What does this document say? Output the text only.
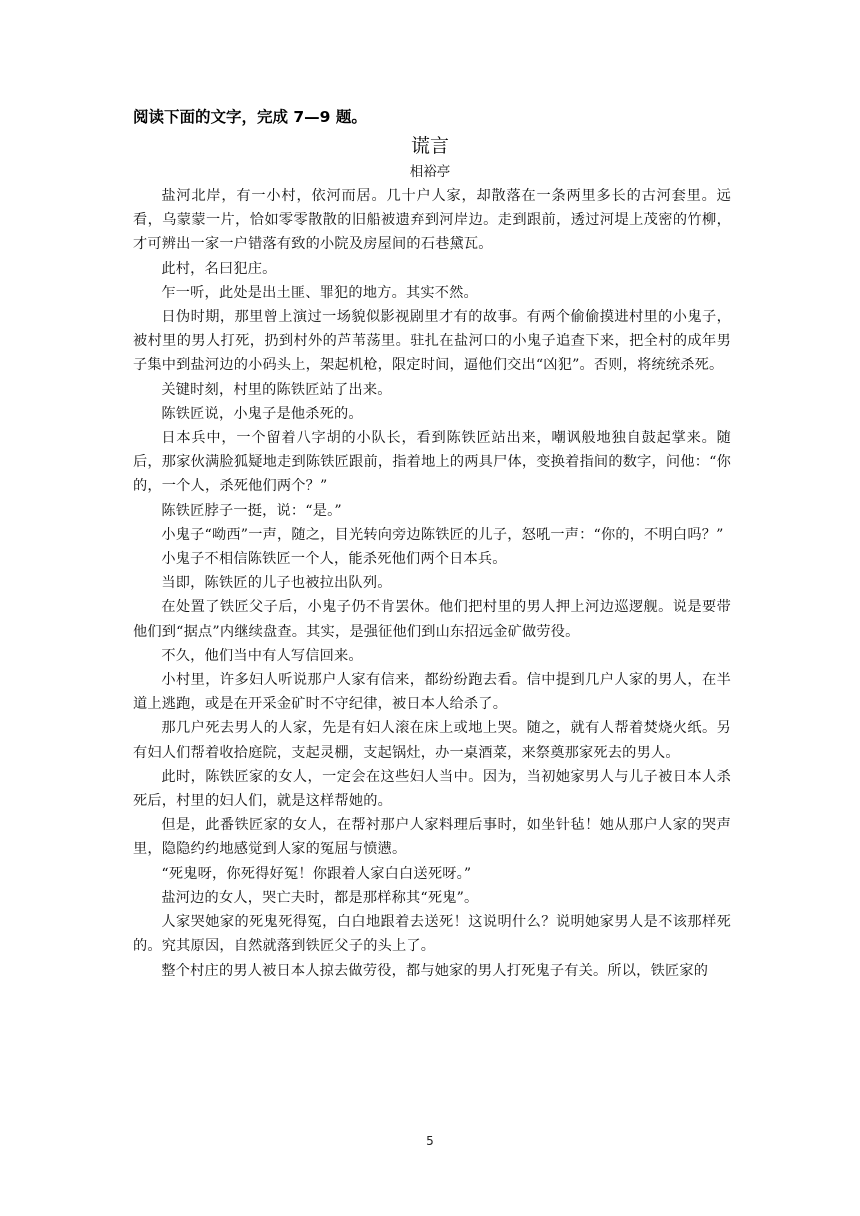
阅读下面的文字，完成 7—9 题。
谎言
相裕亭

盐河北岸，有一小村，依河而居。几十户人家，却散落在一条两里多长的古河套里。远看，乌蒙蒙一片，恰如零零散散的旧船被遗弃到河岸边。走到跟前，透过河堤上茂密的竹柳，才可辨出一家一户错落有致的小院及房屋间的石巷黛瓦。

此村，名曰犯庄。

乍一听，此处是出土匪、罪犯的地方。其实不然。

日伪时期，那里曾上演过一场貌似影视剧里才有的故事。有两个偷偷摸进村里的小鬼子，被村里的男人打死，扔到村外的芦苇荡里。驻扎在盐河口的小鬼子追查下来，把全村的成年男子集中到盐河边的小码头上，架起机枪，限定时间，逼他们交出“凶犯”。否则，将统统杀死。

关键时刻，村里的陈铁匠站了出来。

陈铁匠说，小鬼子是他杀死的。

日本兵中，一个留着八字胡的小队长，看到陈铁匠站出来，嘲讽般地独自鼓起掌来。随后，那家伙满脸狐疑地走到陈铁匠跟前，指着地上的两具尸体，变换着指间的数字，问他：“你的，一个人，杀死他们两个？”

陈铁匠脖子一挺，说：“是。”

小鬼子“呦西”一声，随之，目光转向旁边陈铁匠的儿子，怒吼一声：“你的，不明白吗？”

小鬼子不相信陈铁匠一个人，能杀死他们两个日本兵。

当即，陈铁匠的儿子也被拉出队列。

在处置了铁匠父子后，小鬼子仍不肯罢休。他们把村里的男人押上河边巡逻舰。说是要带他们到“据点”内继续盘查。其实，是强征他们到山东招远金矿做劳役。

不久，他们当中有人写信回来。

小村里，许多妇人听说那户人家有信来，都纷纷跑去看。信中提到几户人家的男人，在半道上逃跑，或是在开采金矿时不守纪律，被日本人给杀了。

那几户死去男人的人家，先是有妇人滚在床上或地上哭。随之，就有人帮着焚烧火纸。另有妇人们帮着收拾庭院，支起灵棚，支起锅灶，办一桌酒菜，来祭奠那家死去的男人。

此时，陈铁匠家的女人，一定会在这些妇人当中。因为，当初她家男人与儿子被日本人杀死后，村里的妇人们，就是这样帮她的。

但是，此番铁匠家的女人，在帮衬那户人家料理后事时，如坐针毡！她从那户人家的哭声里，隐隐约约地感觉到人家的冤屈与愤懑。

“死鬼呀，你死得好冤！你跟着人家白白送死呀。”

盐河边的女人，哭亡夫时，都是那样称其“死鬼”。

人家哭她家的死鬼死得冤，白白地跟着去送死！这说明什么？说明她家男人是不该那样死的。究其原因，自然就落到铁匠父子的头上了。

整个村庄的男人被日本人掠去做劳役，都与她家的男人打死鬼子有关。所以，铁匠家的

5
